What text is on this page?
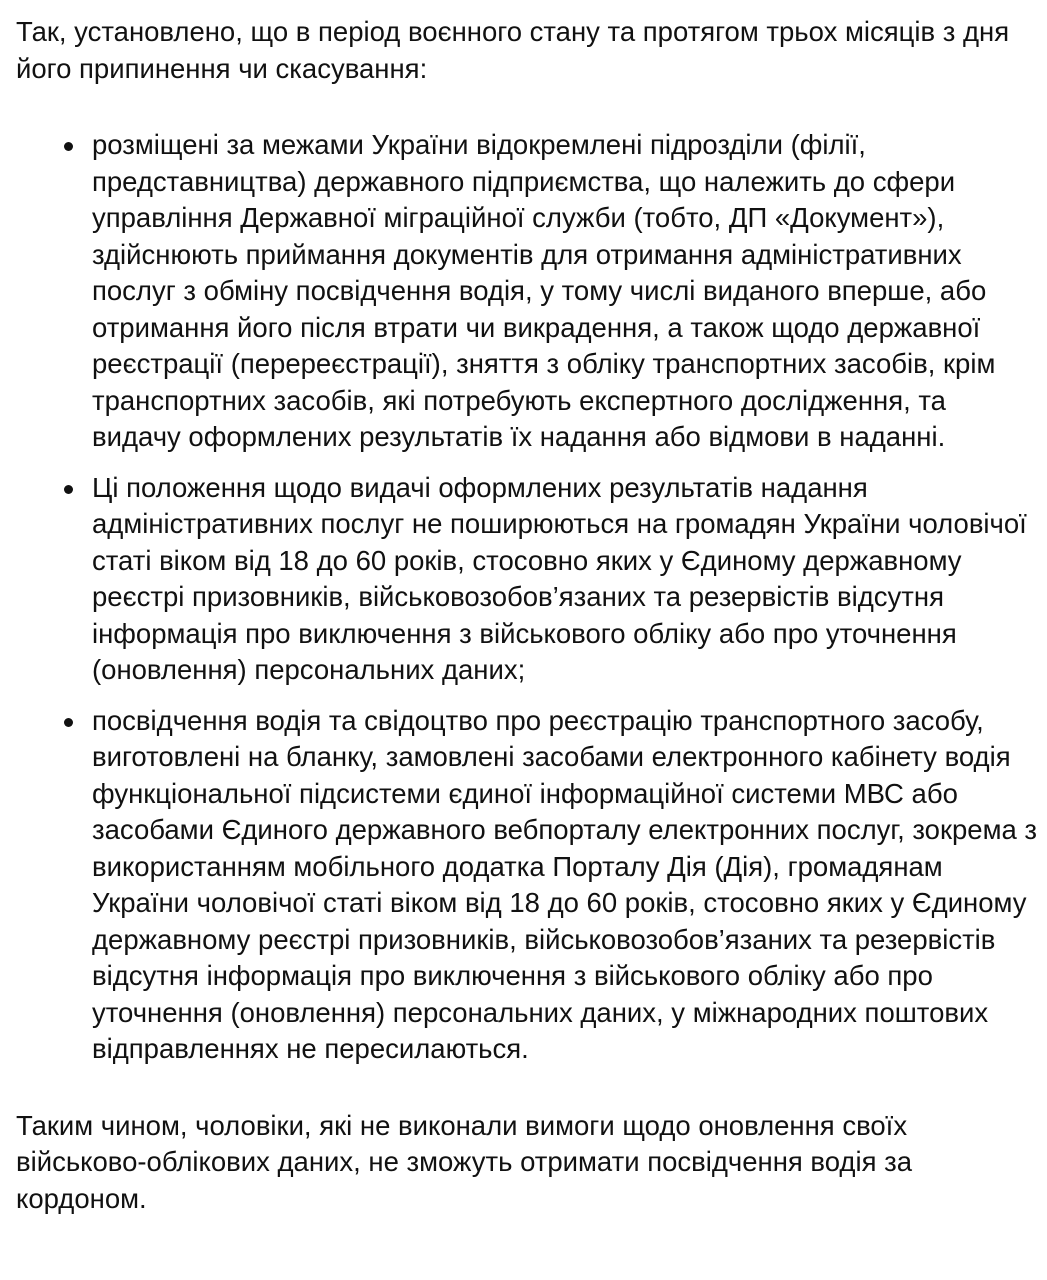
Так, установлено, що в період воєнного стану та протягом трьох місяців з дня його припинення чи скасування:

розміщені за межами України відокремлені підрозділи (філії, представництва) державного підприємства, що належить до сфери управління Державної міграційної служби (тобто, ДП «Документ»), здійснюють приймання документів для отримання адміністративних послуг з обміну посвідчення водія, у тому числі виданого вперше, або отримання його після втрати чи викрадення, а також щодо державної реєстрації (перереєстрації), зняття з обліку транспортних засобів, крім транспортних засобів, які потребують експертного дослідження, та видачу оформлених результатів їх надання або відмови в наданні.
Ці положення щодо видачі оформлених результатів надання адміністративних послуг не поширюються на громадян України чоловічої статі віком від 18 до 60 років, стосовно яких у Єдиному державному реєстрі призовників, військовозобов’язаних та резервістів відсутня інформація про виключення з військового обліку або про уточнення (оновлення) персональних даних;
посвідчення водія та свідоцтво про реєстрацію транспортного засобу, виготовлені на бланку, замовлені засобами електронного кабінету водія функціональної підсистеми єдиної інформаційної системи МВС або засобами Єдиного державного вебпорталу електронних послуг, зокрема з використанням мобільного додатка Порталу Дія (Дія), громадянам України чоловічої статі віком від 18 до 60 років, стосовно яких у Єдиному державному реєстрі призовників, військовозобов’язаних та резервістів відсутня інформація про виключення з військового обліку або про уточнення (оновлення) персональних даних, у міжнародних поштових відправленнях не пересилаються.

Таким чином, чоловіки, які не виконали вимоги щодо оновлення своїх військово-облікових даних, не зможуть отримати посвідчення водія за кордоном.
